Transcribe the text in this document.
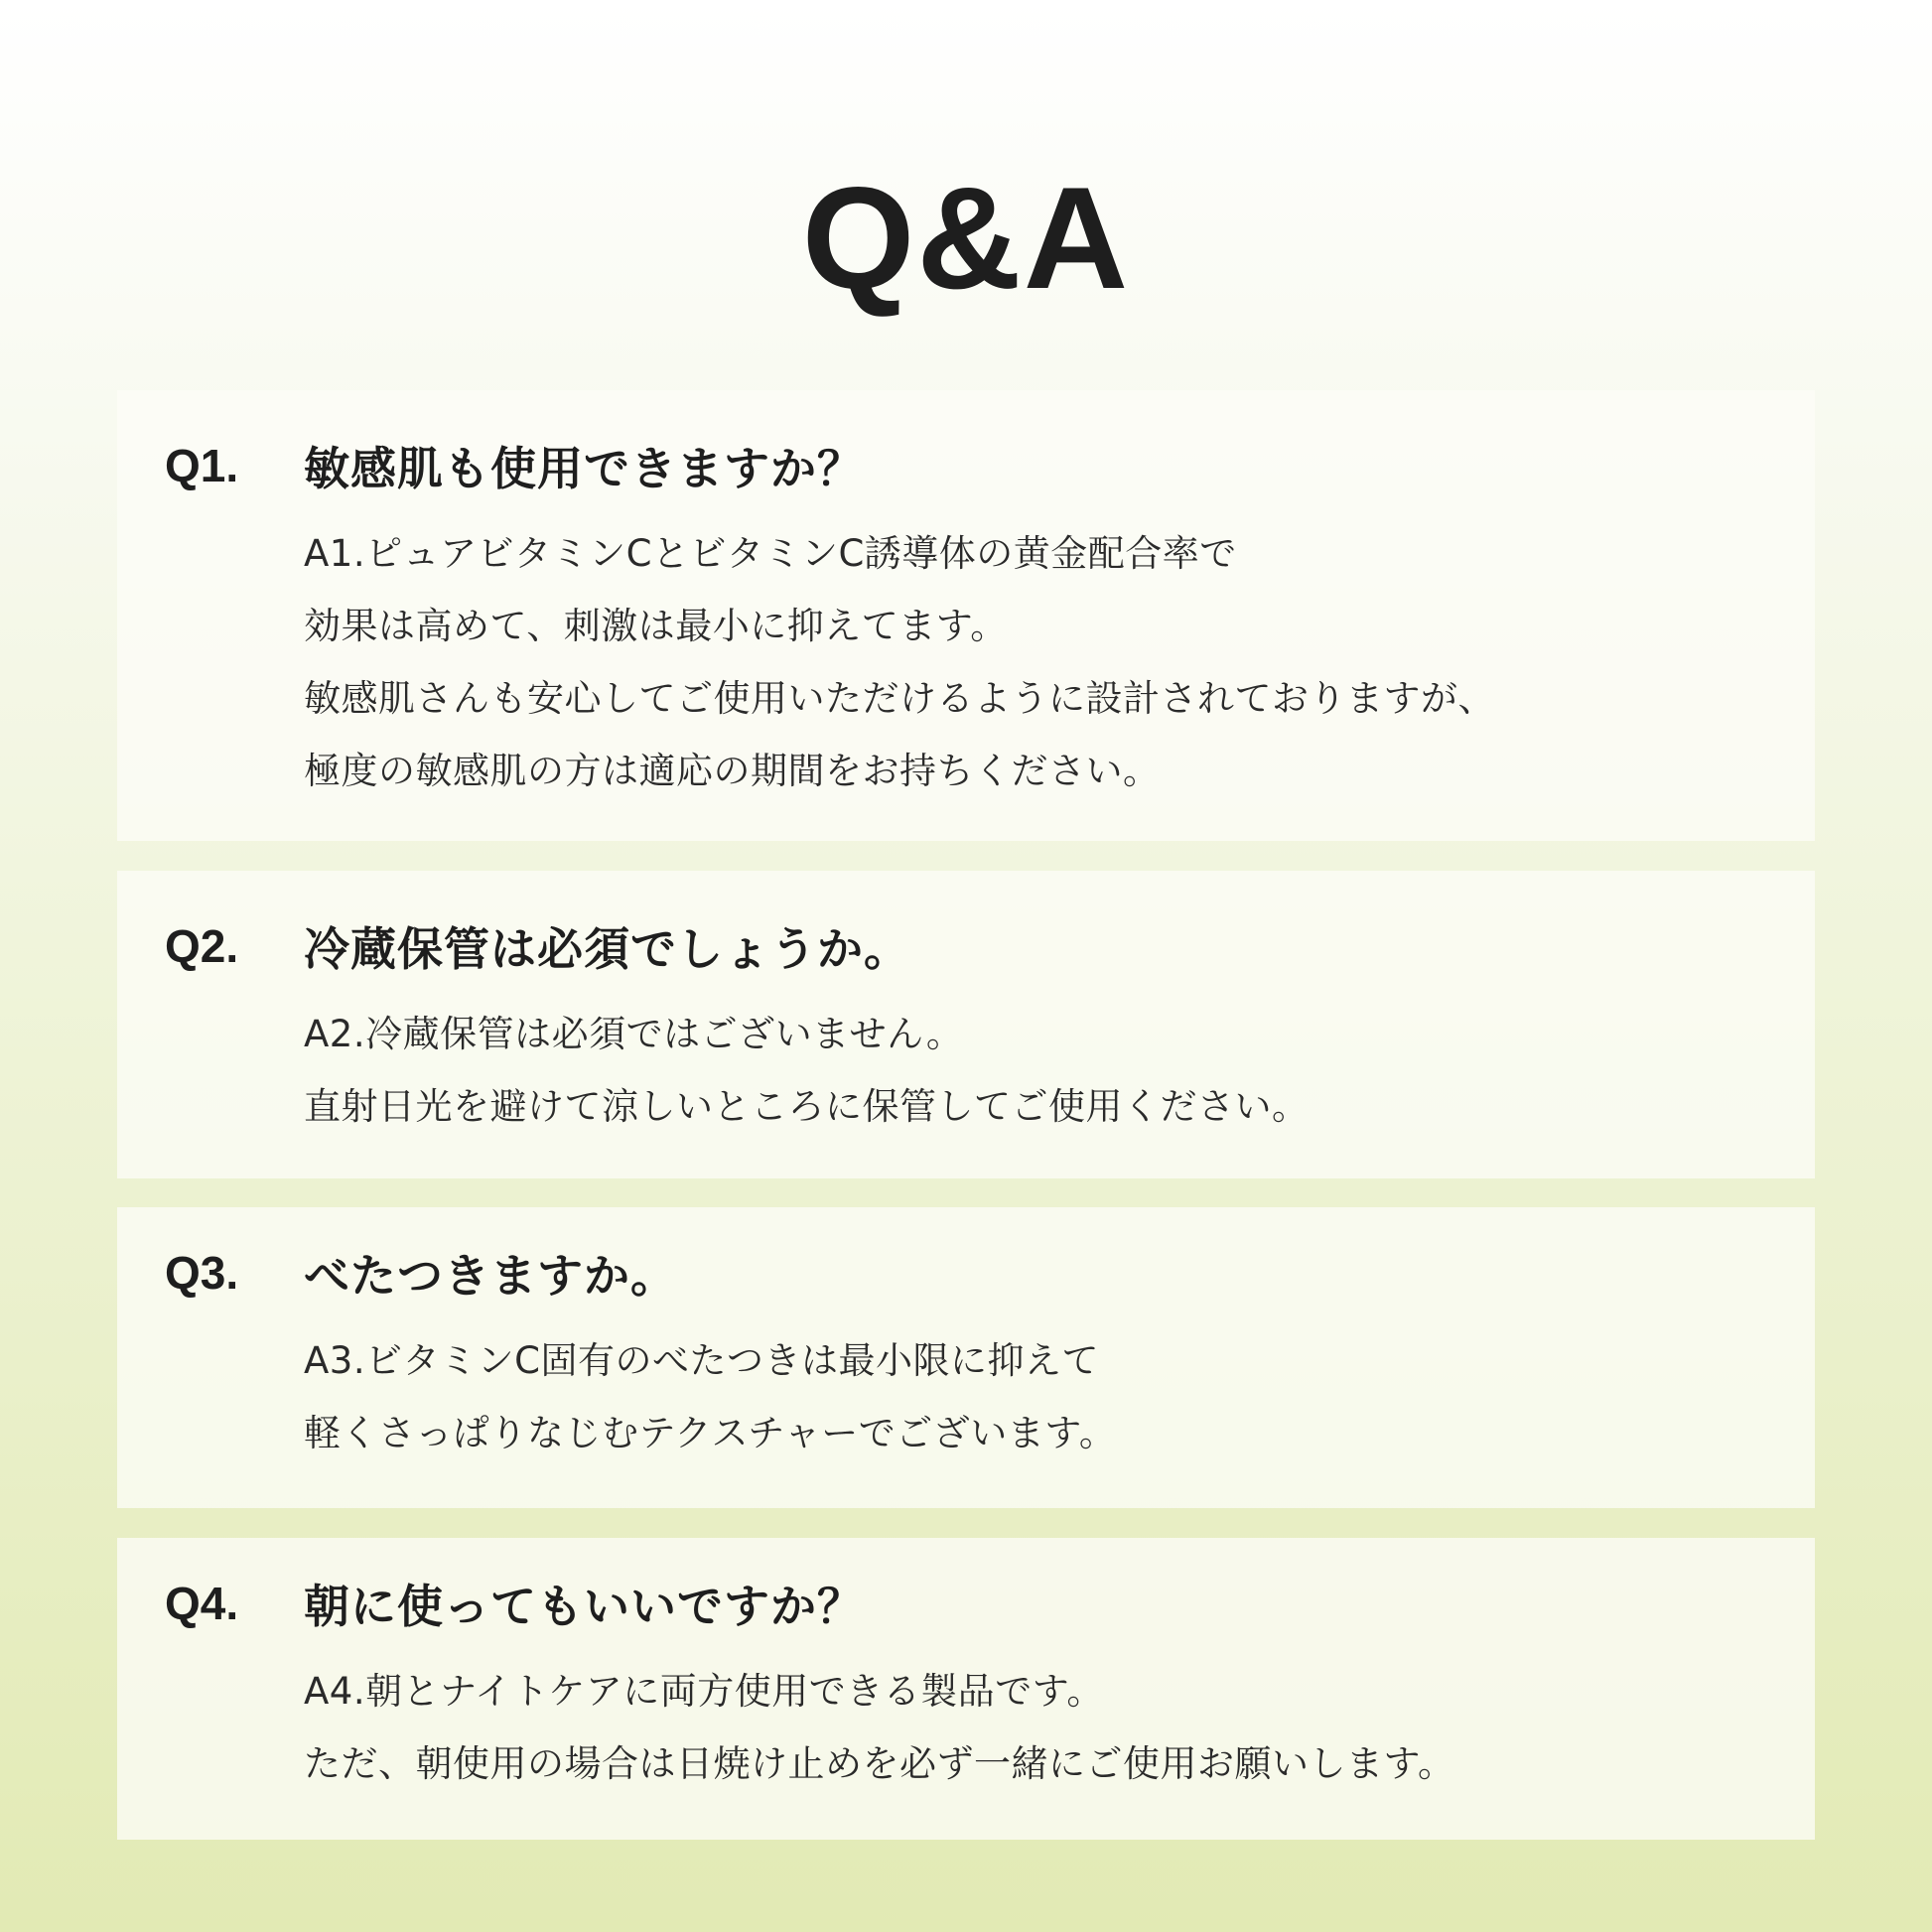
Q&A
Q1.	敏感肌も使用できますか？
A1.ピュアビタミンCとビタミンC誘導体の黄金配合率で
効果は高めて、刺激は最小に抑えてます。
敏感肌さんも安心してご使用いただけるように設計されておりますが、
極度の敏感肌の方は適応の期間をお持ちください。
Q2.	冷蔵保管は必須でしょうか。
A2.冷蔵保管は必須ではございません。
直射日光を避けて涼しいところに保管してご使用ください。
Q3.	べたつきますか。
A3.ビタミンC固有のべたつきは最小限に抑えて
軽くさっぱりなじむテクスチャーでございます。
Q4.	朝に使ってもいいですか？
A4.朝とナイトケアに両方使用できる製品です。
ただ、朝使用の場合は日焼け止めを必ず一緒にご使用お願いします。
